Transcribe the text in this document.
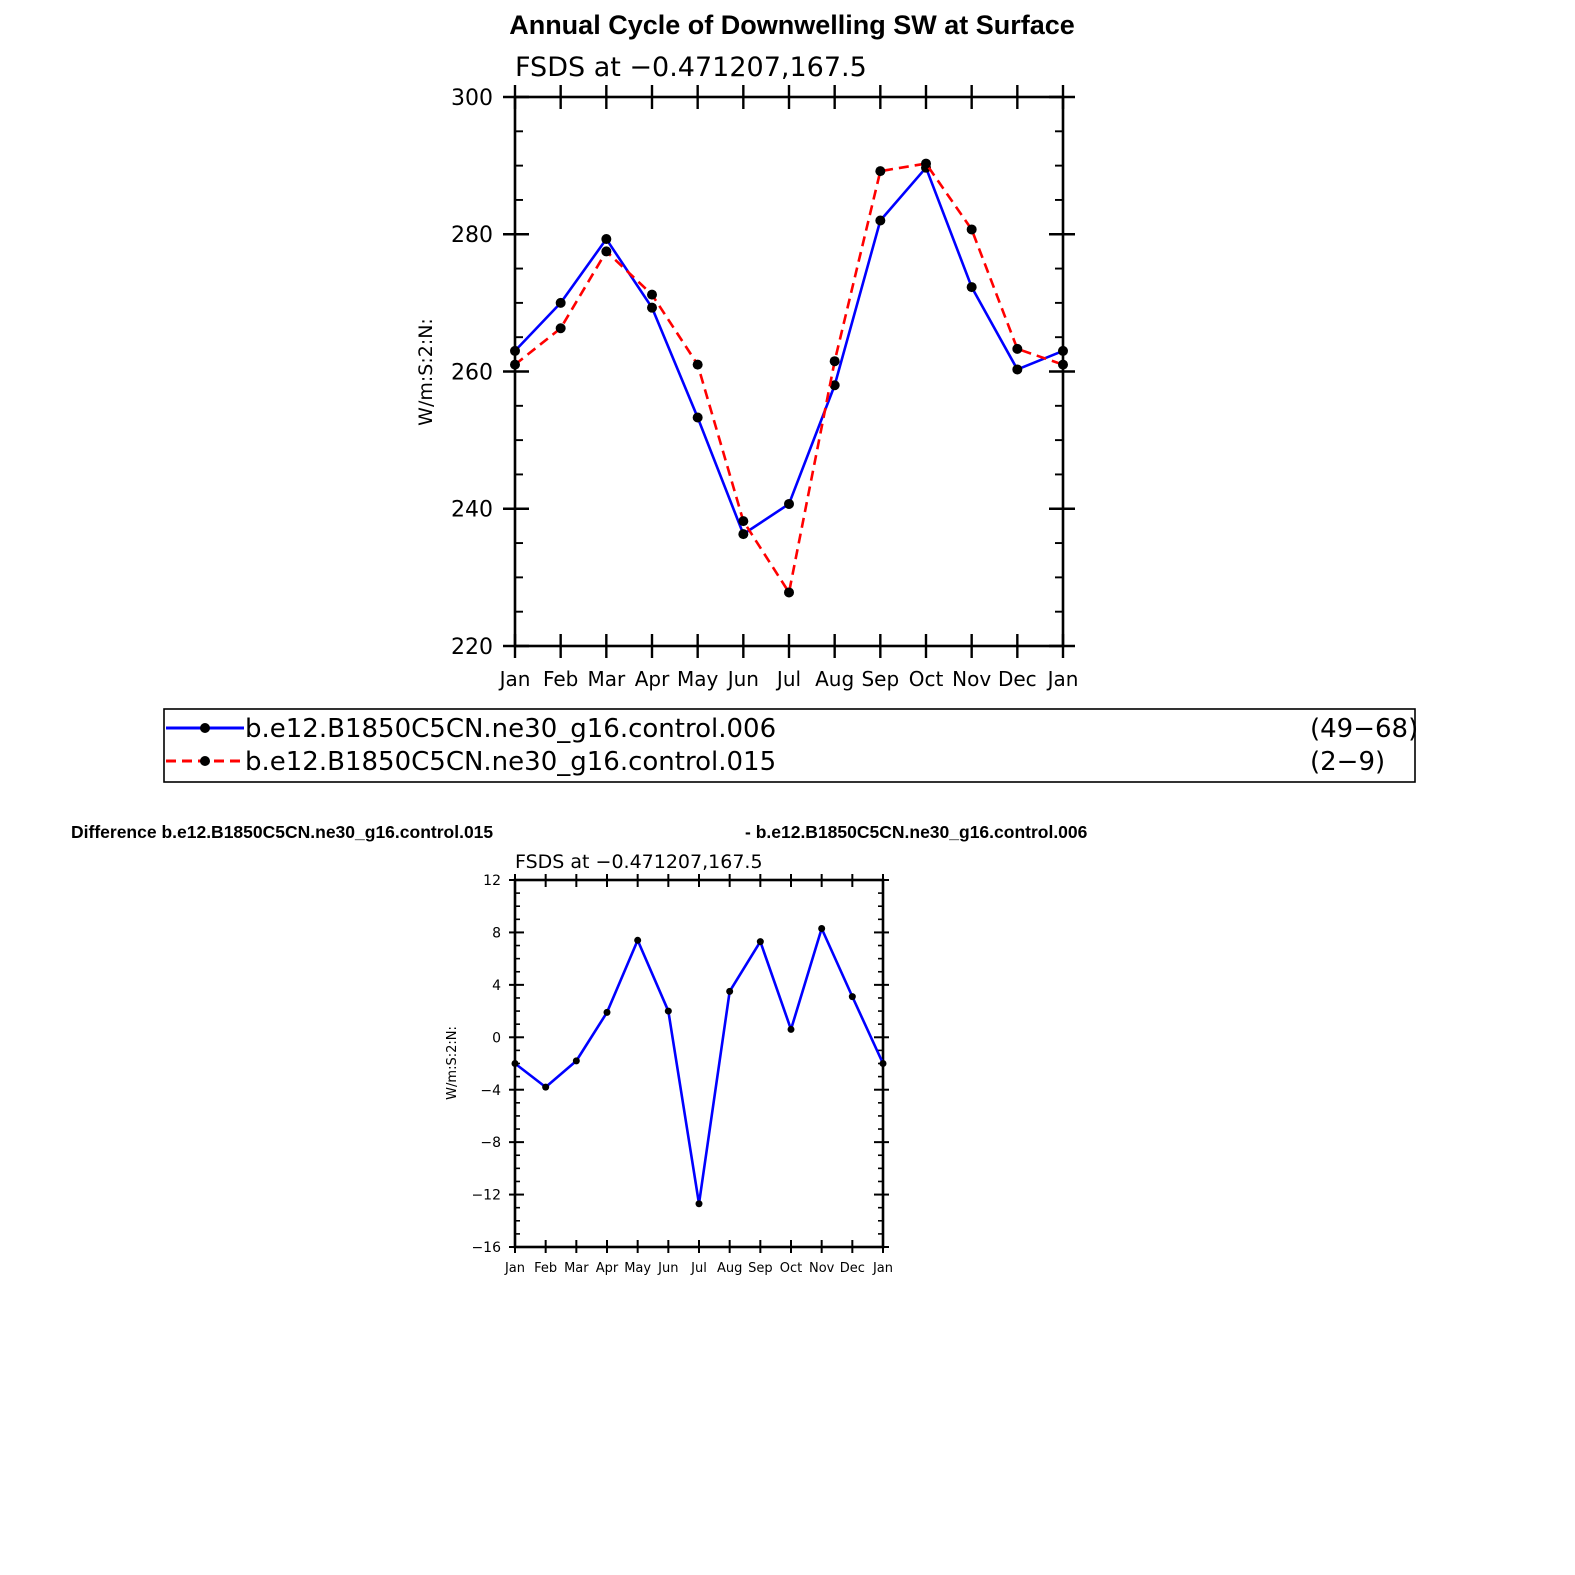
Annual Cycle of Downwelling SW at Surface
FSDS at −0.471207,167.5
W/m:S:2:N:
Jan Feb Mar Apr May Jun Jul Aug Sep Oct Nov Dec Jan
220
240
260
280
300
b.e12.B1850C5CN.ne30_g16.control.006	(49−68)
b.e12.B1850C5CN.ne30_g16.control.015	(2−9)
Difference b.e12.B1850C5CN.ne30_g16.control.015	- b.e12.B1850C5CN.ne30_g16.control.006
FSDS at −0.471207,167.5
W/m:S:2:N:
Jan Feb Mar Apr May Jun Jul Aug Sep Oct Nov Dec Jan
−16
−12
−8
−4
0
4
8
12
